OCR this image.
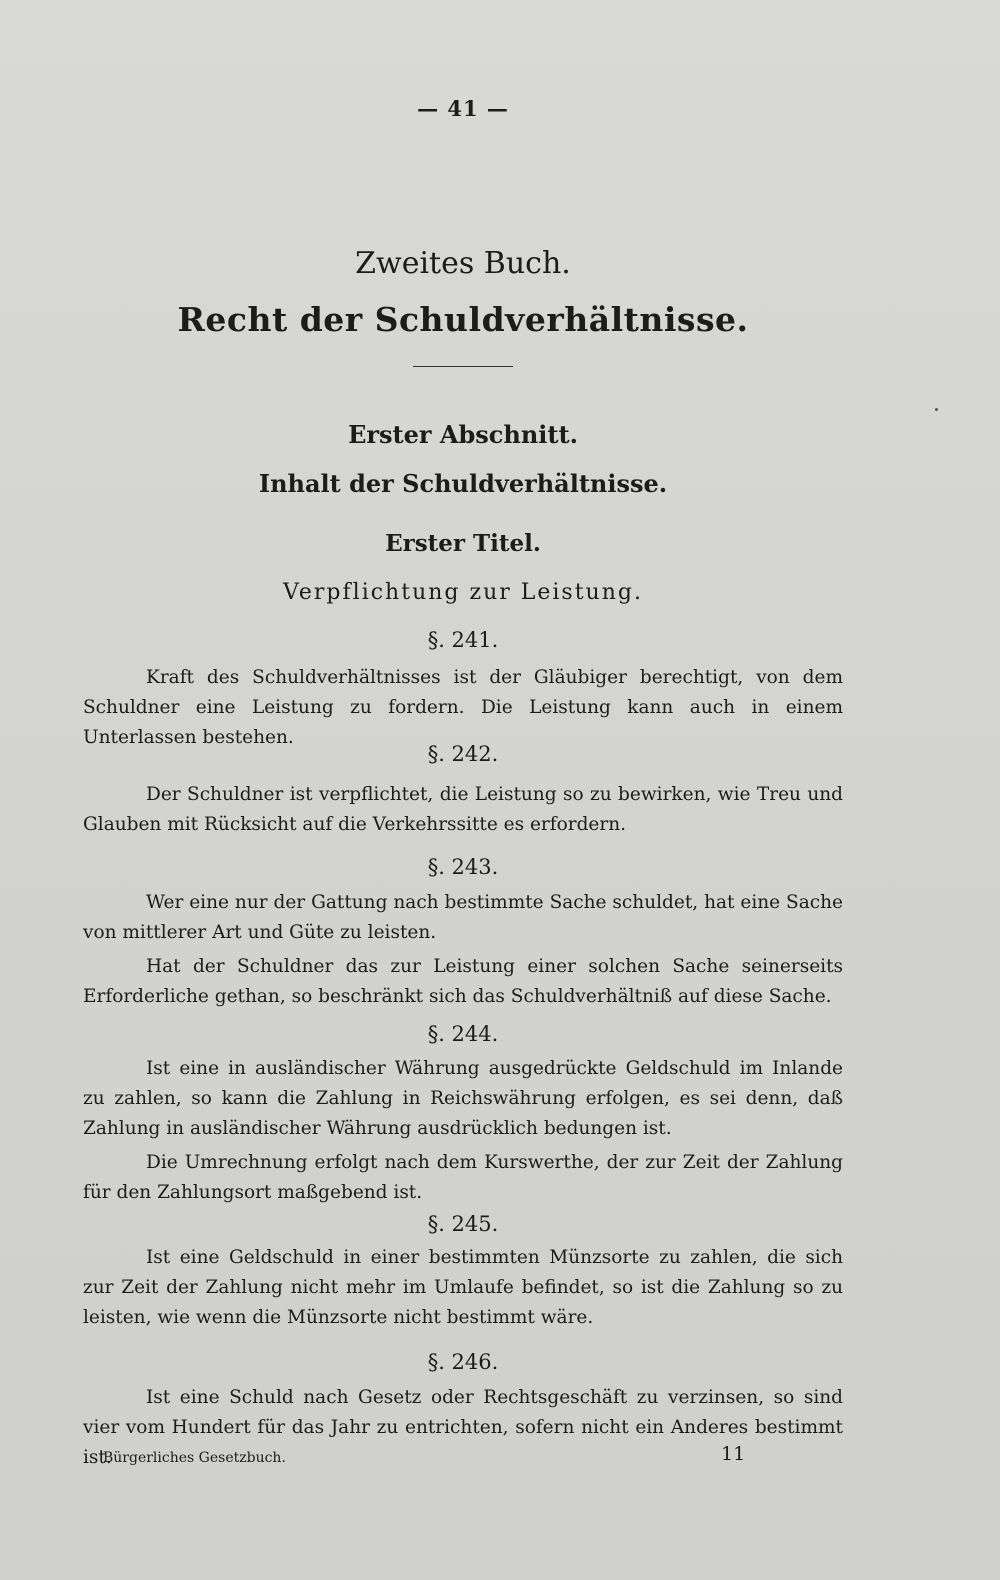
— 41 —
Zweites Buch.
Recht der Schuldverhältnisse.
Erster Abschnitt.
Inhalt der Schuldverhältnisse.
Erster Titel.
Verpflichtung zur Leistung.
§. 241.
Kraft des Schuldverhältnisses ist der Gläubiger berechtigt, von dem Schuldner eine Leistung zu fordern. Die Leistung kann auch in einem Unterlassen bestehen.
§. 242.
Der Schuldner ist verpflichtet, die Leistung so zu bewirken, wie Treu und Glauben mit Rücksicht auf die Verkehrssitte es erfordern.
§. 243.
Wer eine nur der Gattung nach bestimmte Sache schuldet, hat eine Sache von mittlerer Art und Güte zu leisten.
Hat der Schuldner das zur Leistung einer solchen Sache seinerseits Erforderliche gethan, so beschränkt sich das Schuldverhältniß auf diese Sache.
§. 244.
Ist eine in ausländischer Währung ausgedrückte Geldschuld im Inlande zu zahlen, so kann die Zahlung in Reichswährung erfolgen, es sei denn, daß Zahlung in ausländischer Währung ausdrücklich bedungen ist.
Die Umrechnung erfolgt nach dem Kurswerthe, der zur Zeit der Zahlung für den Zahlungsort maßgebend ist.
§. 245.
Ist eine Geldschuld in einer bestimmten Münzsorte zu zahlen, die sich zur Zeit der Zahlung nicht mehr im Umlaufe befindet, so ist die Zahlung so zu leisten, wie wenn die Münzsorte nicht bestimmt wäre.
§. 246.
Ist eine Schuld nach Gesetz oder Rechtsgeschäft zu verzinsen, so sind vier vom Hundert für das Jahr zu entrichten, sofern nicht ein Anderes bestimmt ist.
Bürgerliches Gesetzbuch.	11
